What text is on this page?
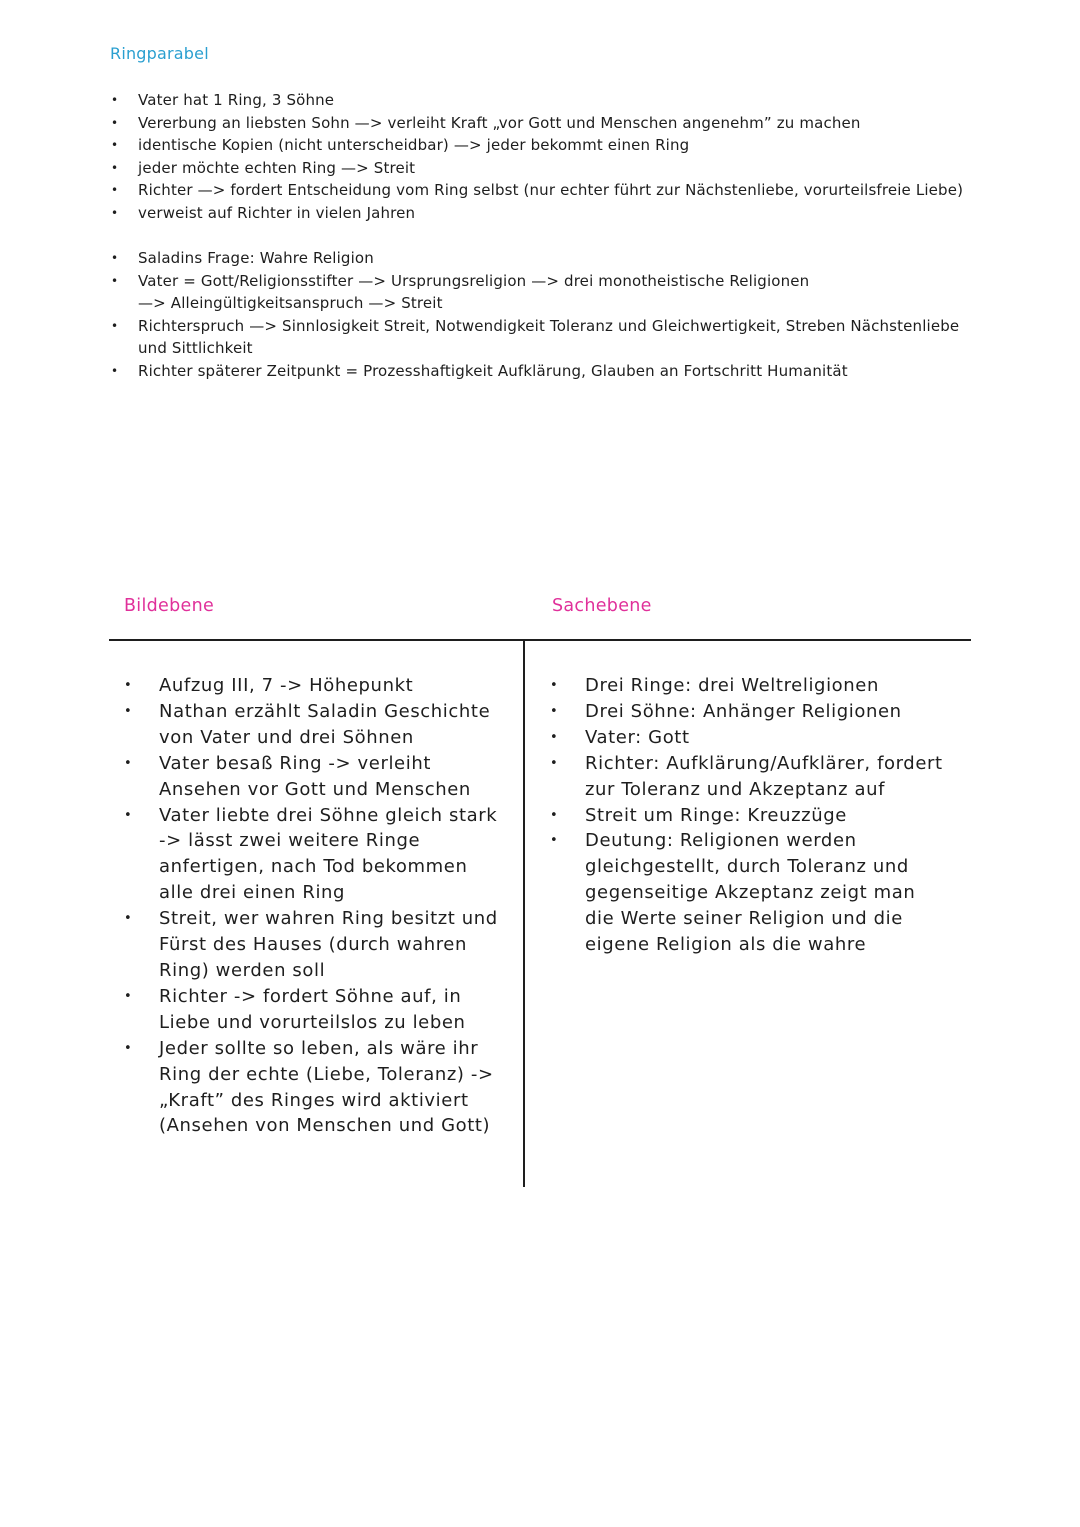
Ringparabel
• Vater hat 1 Ring, 3 Söhne
• Vererbung an liebsten Sohn —> verleiht Kraft „vor Gott und Menschen angenehm” zu machen
• identische Kopien (nicht unterscheidbar) —> jeder bekommt einen Ring
• jeder möchte echten Ring —> Streit
• Richter —> fordert Entscheidung vom Ring selbst (nur echter führt zur Nächstenliebe, vorurteilsfreie Liebe)
• verweist auf Richter in vielen Jahren
• Saladins Frage: Wahre Religion
• Vater = Gott/Religionsstifter —> Ursprungsreligion —> drei monotheistische Religionen
—> Alleingültigkeitsanspruch —> Streit
• Richterspruch —> Sinnlosigkeit Streit, Notwendigkeit Toleranz und Gleichwertigkeit, Streben Nächstenliebe
und Sittlichkeit
• Richter späterer Zeitpunkt = Prozesshaftigkeit Aufklärung, Glauben an Fortschritt Humanität
Bildebene	Sachebene
• Aufzug III, 7 -> Höhepunkt
• Nathan erzählt Saladin Geschichte von Vater und drei Söhnen
• Vater besaß Ring -> verleiht Ansehen vor Gott und Menschen
• Vater liebte drei Söhne gleich stark -> lässt zwei weitere Ringe anfertigen, nach Tod bekommen alle drei einen Ring
• Streit, wer wahren Ring besitzt und Fürst des Hauses (durch wahren Ring) werden soll
• Richter -> fordert Söhne auf, in Liebe und vorurteilslos zu leben
• Jeder sollte so leben, als wäre ihr Ring der echte (Liebe, Toleranz) -> „Kraft” des Ringes wird aktiviert (Ansehen von Menschen und Gott)
• Drei Ringe: drei Weltreligionen
• Drei Söhne: Anhänger Religionen
• Vater: Gott
• Richter: Aufklärung/Aufklärer, fordert zur Toleranz und Akzeptanz auf
• Streit um Ringe: Kreuzzüge
• Deutung: Religionen werden gleichgestellt, durch Toleranz und gegenseitige Akzeptanz zeigt man die Werte seiner Religion und die eigene Religion als die wahre
